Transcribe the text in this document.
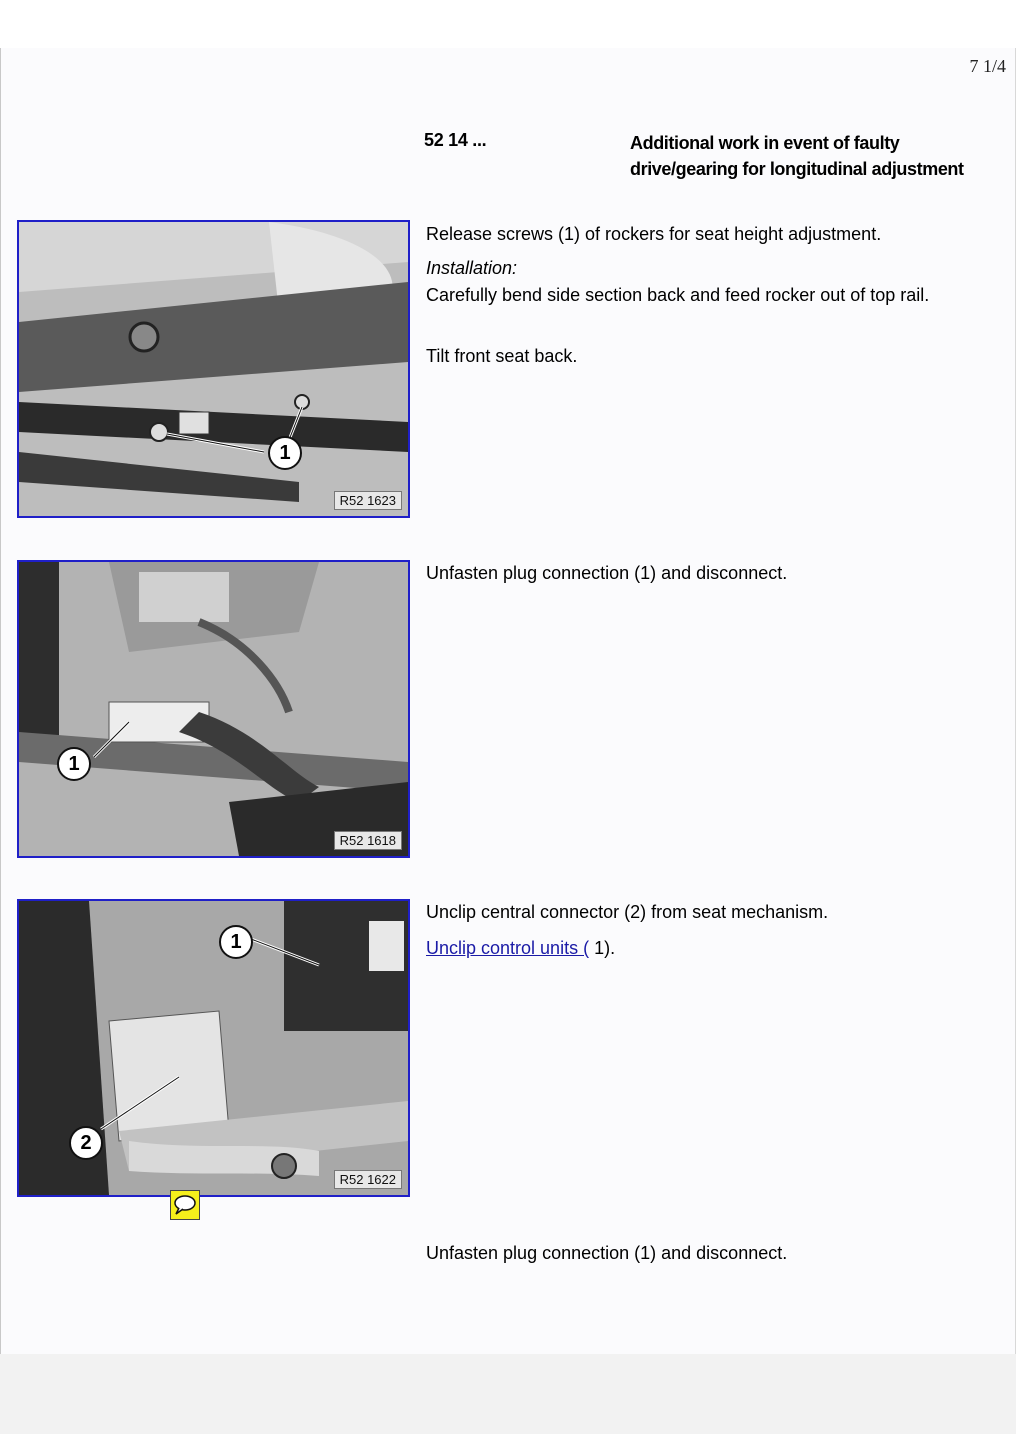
7 1/4
52 14 ...	Additional work in event of faulty drive/gearing for longitudinal adjustment
1
R52 1623
Release screws (1) of rockers for seat height adjustment.
Installation:
Carefully bend side section back and feed rocker out of top rail.
Tilt front seat back.
1
R52 1618
Unfasten plug connection (1) and disconnect.
1
2
R52 1622
Unclip central connector (2) from seat mechanism.
Unclip control units ( 1).
Unfasten plug connection (1) and disconnect.
